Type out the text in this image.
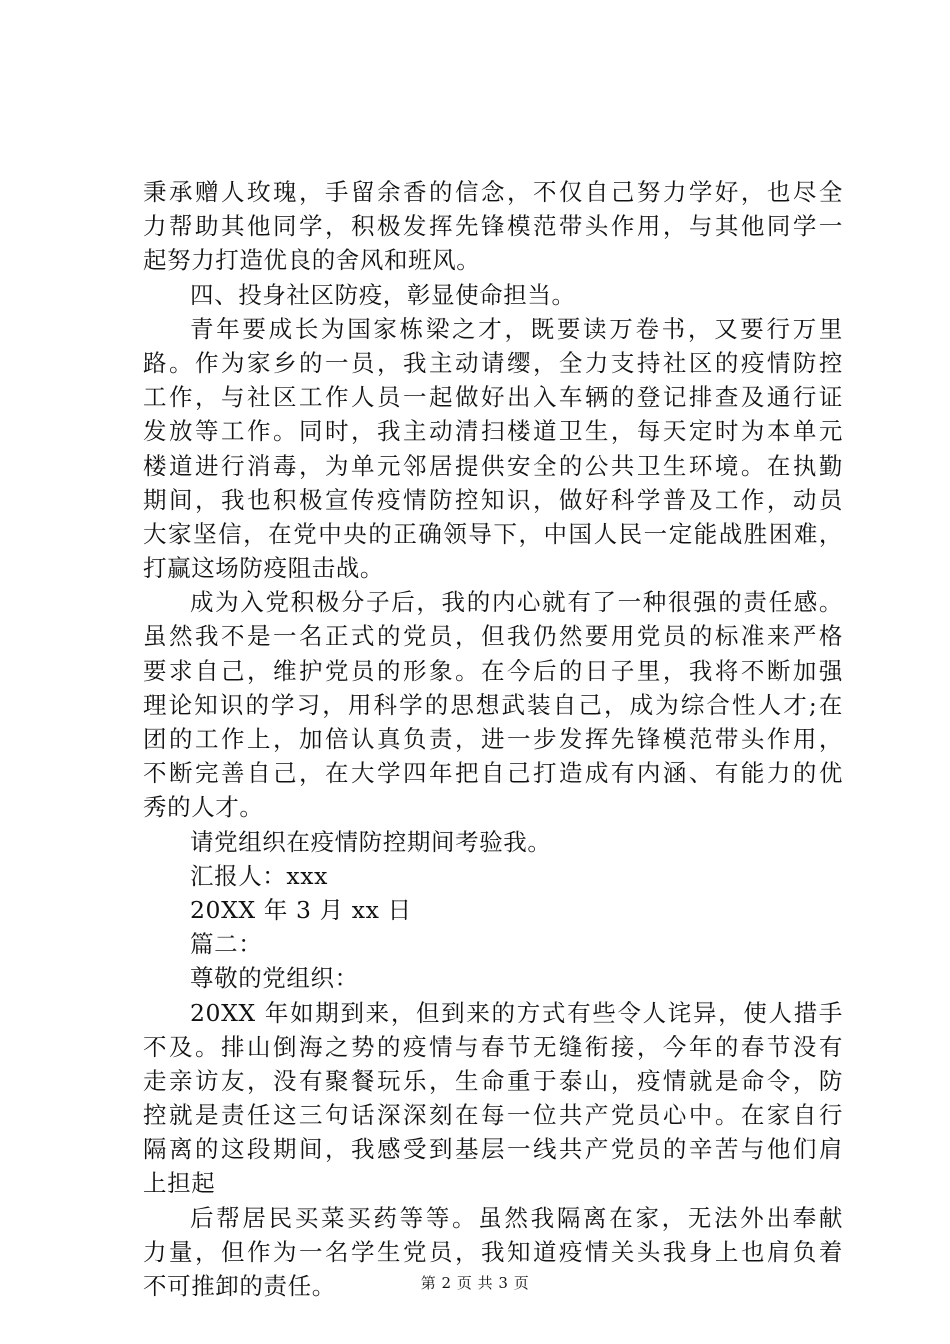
秉承赠人玫瑰，手留余香的信念，不仅自己努力学好，也尽全
力帮助其他同学，积极发挥先锋模范带头作用，与其他同学一
起努力打造优良的舍风和班风。
四、投身社区防疫，彰显使命担当。
青年要成长为国家栋梁之才，既要读万卷书，又要行万里
路。作为家乡的一员，我主动请缨，全力支持社区的疫情防控
工作，与社区工作人员一起做好出入车辆的登记排查及通行证
发放等工作。同时，我主动清扫楼道卫生，每天定时为本单元
楼道进行消毒，为单元邻居提供安全的公共卫生环境。在执勤
期间，我也积极宣传疫情防控知识，做好科学普及工作，动员
大家坚信，在党中央的正确领导下，中国人民一定能战胜困难，
打赢这场防疫阻击战。
成为入党积极分子后，我的内心就有了一种很强的责任感。
虽然我不是一名正式的党员，但我仍然要用党员的标准来严格
要求自己，维护党员的形象。在今后的日子里，我将不断加强
理论知识的学习，用科学的思想武装自己，成为综合性人才;在
团的工作上，加倍认真负责，进一步发挥先锋模范带头作用，
不断完善自己，在大学四年把自己打造成有内涵、有能力的优
秀的人才。
请党组织在疫情防控期间考验我。
汇报人：xxx
20XX 年 3 月 xx 日
篇二：
尊敬的党组织：
20XX 年如期到来，但到来的方式有些令人诧异，使人措手
不及。排山倒海之势的疫情与春节无缝衔接，今年的春节没有
走亲访友，没有聚餐玩乐，生命重于泰山，疫情就是命令，防
控就是责任这三句话深深刻在每一位共产党员心中。在家自行
隔离的这段期间，我感受到基层一线共产党员的辛苦与他们肩
上担起
后帮居民买菜买药等等。虽然我隔离在家，无法外出奉献
力量，但作为一名学生党员，我知道疫情关头我身上也肩负着
不可推卸的责任。	第 2 页 共 3 页
